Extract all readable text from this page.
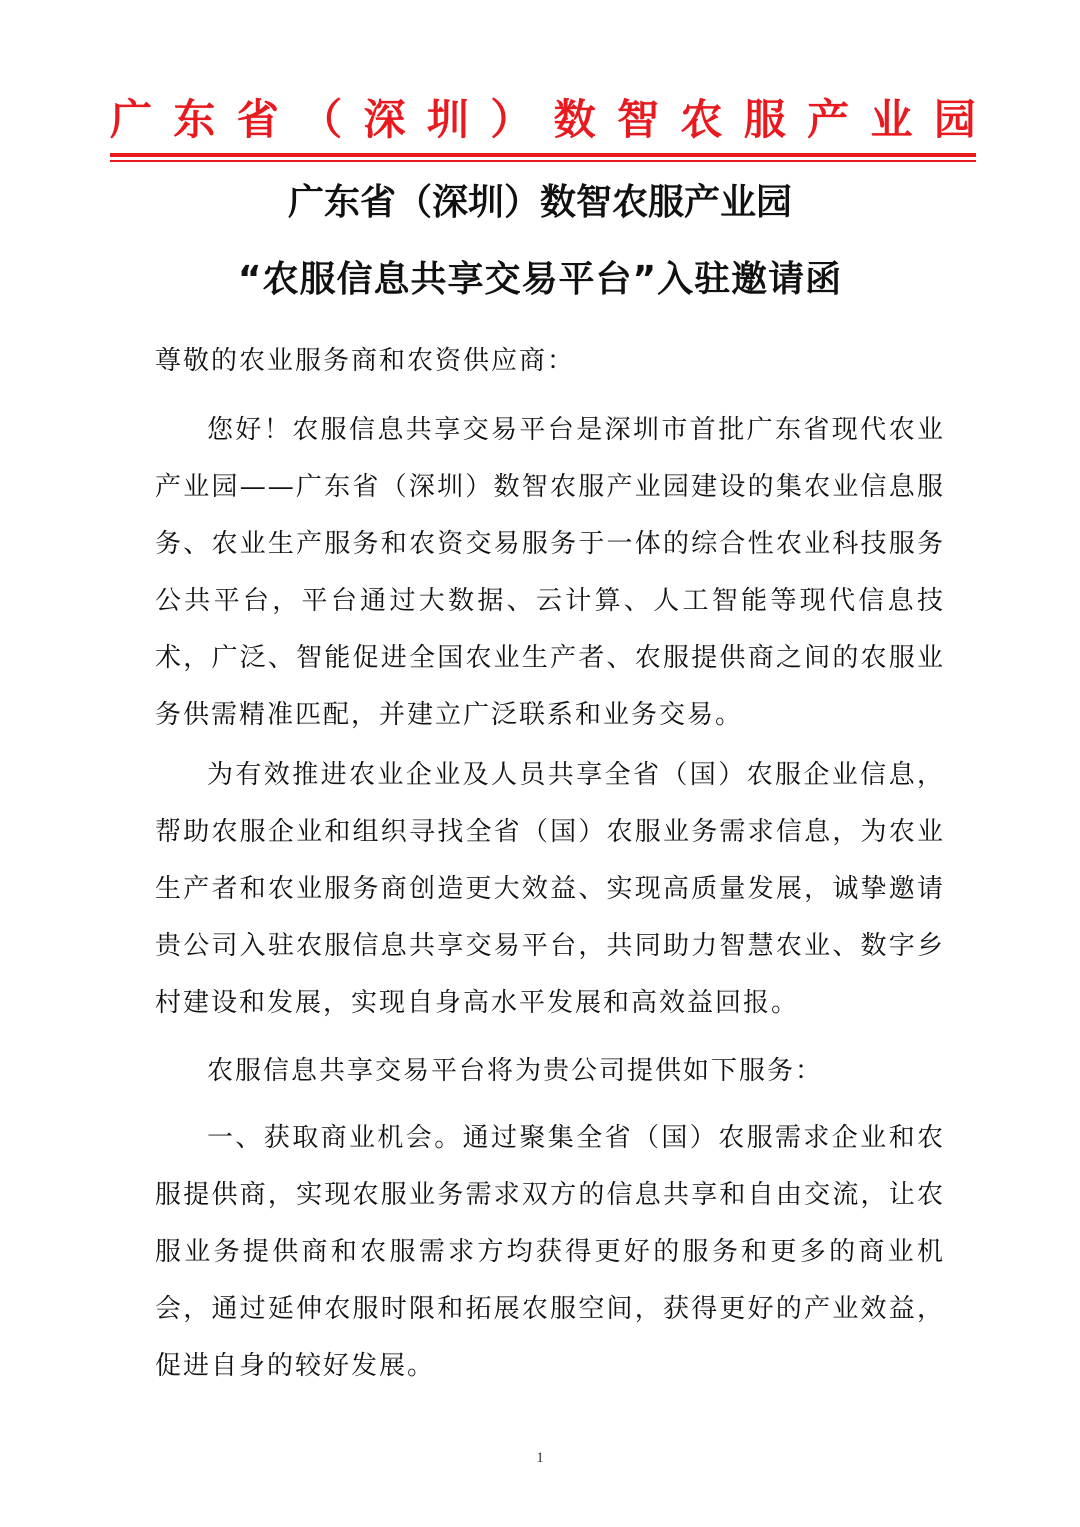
广 东 省 （ 深 圳 ） 数 智 农 服 产 业 园
广东省（深圳）数智农服产业园
“农服信息共享交易平台”入驻邀请函
尊敬的农业服务商和农资供应商：
您好！农服信息共享交易平台是深圳市首批广东省现代农业产业园——广东省（深圳）数智农服产业园建设的集农业信息服务、农业生产服务和农资交易服务于一体的综合性农业科技服务公共平台，平台通过大数据、云计算、人工智能等现代信息技术，广泛、智能促进全国农业生产者、农服提供商之间的农服业务供需精准匹配，并建立广泛联系和业务交易。
为有效推进农业企业及人员共享全省（国）农服企业信息，帮助农服企业和组织寻找全省（国）农服业务需求信息，为农业生产者和农业服务商创造更大效益、实现高质量发展，诚挚邀请贵公司入驻农服信息共享交易平台，共同助力智慧农业、数字乡村建设和发展，实现自身高水平发展和高效益回报。
农服信息共享交易平台将为贵公司提供如下服务：
一、获取商业机会。通过聚集全省（国）农服需求企业和农服提供商，实现农服业务需求双方的信息共享和自由交流，让农服业务提供商和农服需求方均获得更好的服务和更多的商业机会，通过延伸农服时限和拓展农服空间，获得更好的产业效益，促进自身的较好发展。
1
